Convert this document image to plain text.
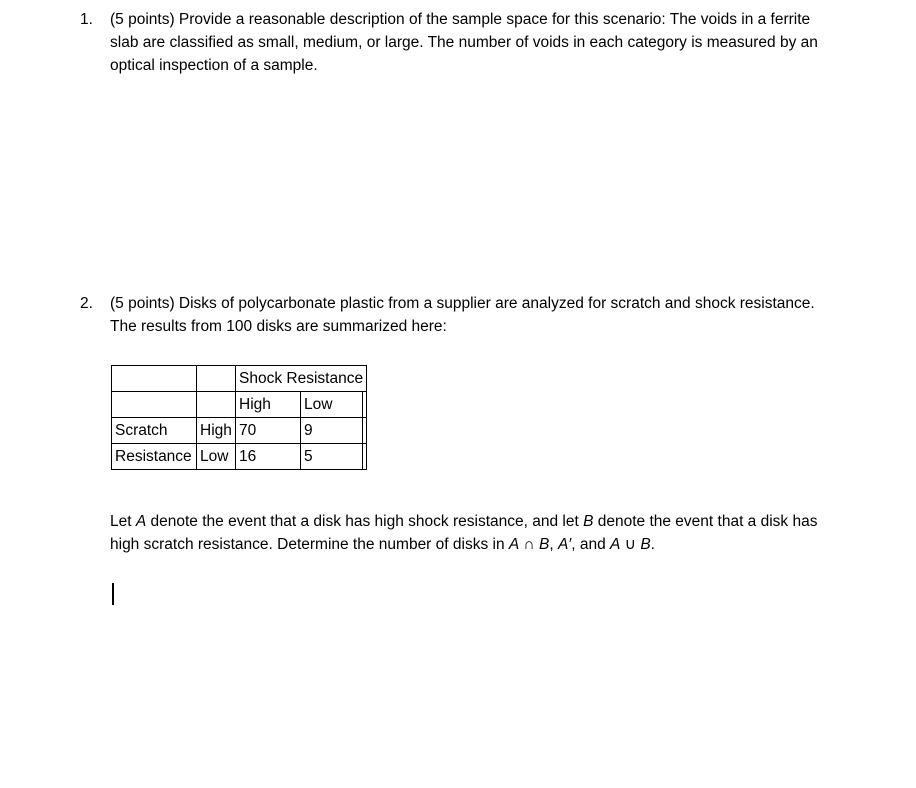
1.	(5 points) Provide a reasonable description of the sample space for this scenario: The voids in a ferrite slab are classified as small, medium, or large. The number of voids in each category is measured by an optical inspection of a sample.
2.	(5 points) Disks of polycarbonate plastic from a supplier are analyzed for scratch and shock resistance. The results from 100 disks are summarized here:
		Shock Resistance		
		High	Low	
Scratch	High	70	9	
Resistance	Low	16	5	
Let A denote the event that a disk has high shock resistance, and let B denote the event that a disk has high scratch resistance. Determine the number of disks in A ∩ B, A′, and A ∪ B.
